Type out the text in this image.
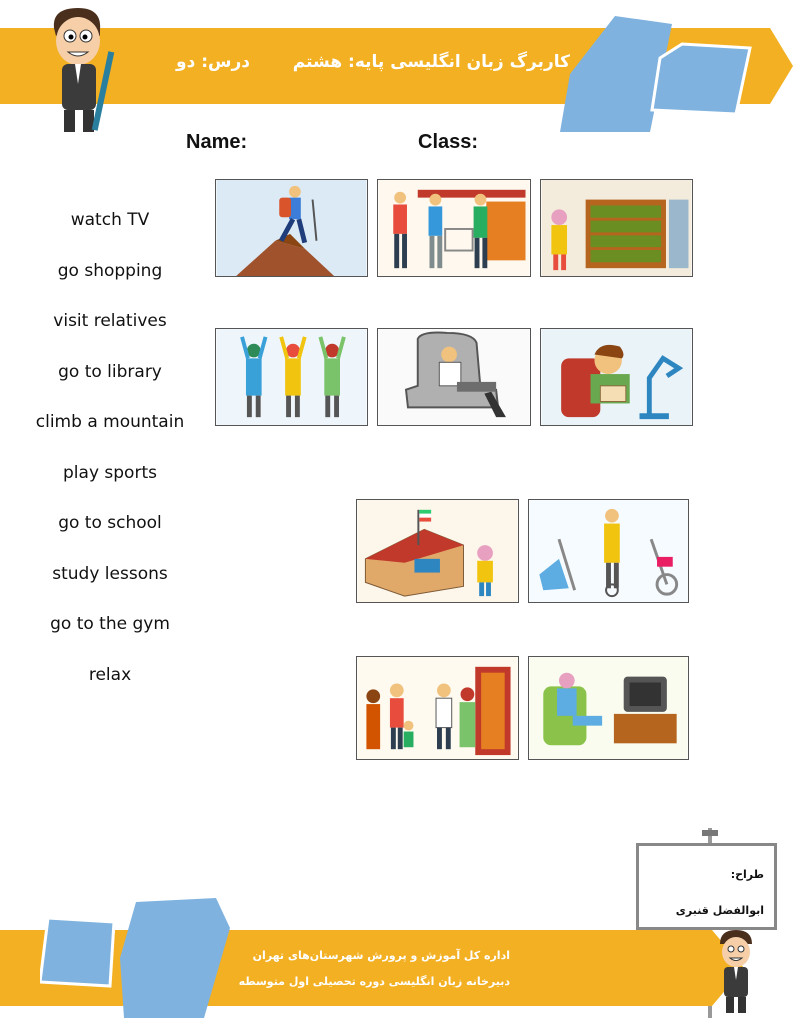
کاربرگ زبان انگلیسی پایه: هشتم
درس: دو
Name:	Class:
watch TV
go shopping
visit relatives
go to library
climb a mountain
play sports
go to school
study lessons
go to the gym
relax
طراح:
ابوالفضل قنبری
اداره کل آموزش و پرورش شهرستان‌های تهران
دبیرخانه زبان انگلیسی دوره تحصیلی اول متوسطه
